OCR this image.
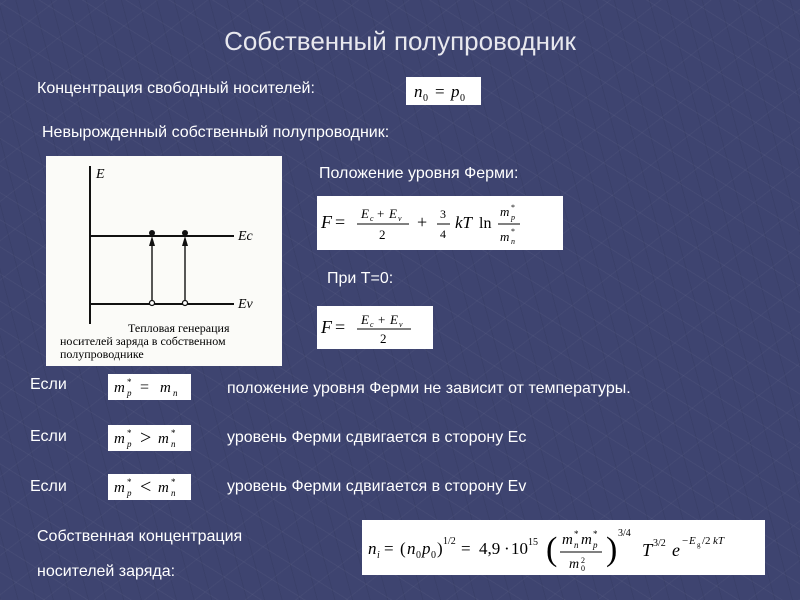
Собственный полупроводник
Концентрация свободный носителей:	n 0 = p 0
Невырожденный собственный полупроводник:
E
Ec
Ev
Тепловая генерация
носителей заряда в собственном
полупроводнике
Положение уровня Ферми:
F = E c + E v
2
+ 3
4
kT ln
m *
p
m *
n
При Т=0:
F = E c + E v
2
Если	m *
p = m n	положение уровня Ферми не зависит от температуры.
Если	m *
p > m *
n	уровень Ферми сдвигается в сторону Ec
Если	m *
p < m *
n	уровень Ферми сдвигается в сторону Ev
Собственная концентрация
носителей заряда:
n i = ( n 0 p 0 ) 1/2 = 4,9 · 10 15 ( m *
n m *
p
m 2
0
) 3/4
T 3/2 e − E g /2 kT
